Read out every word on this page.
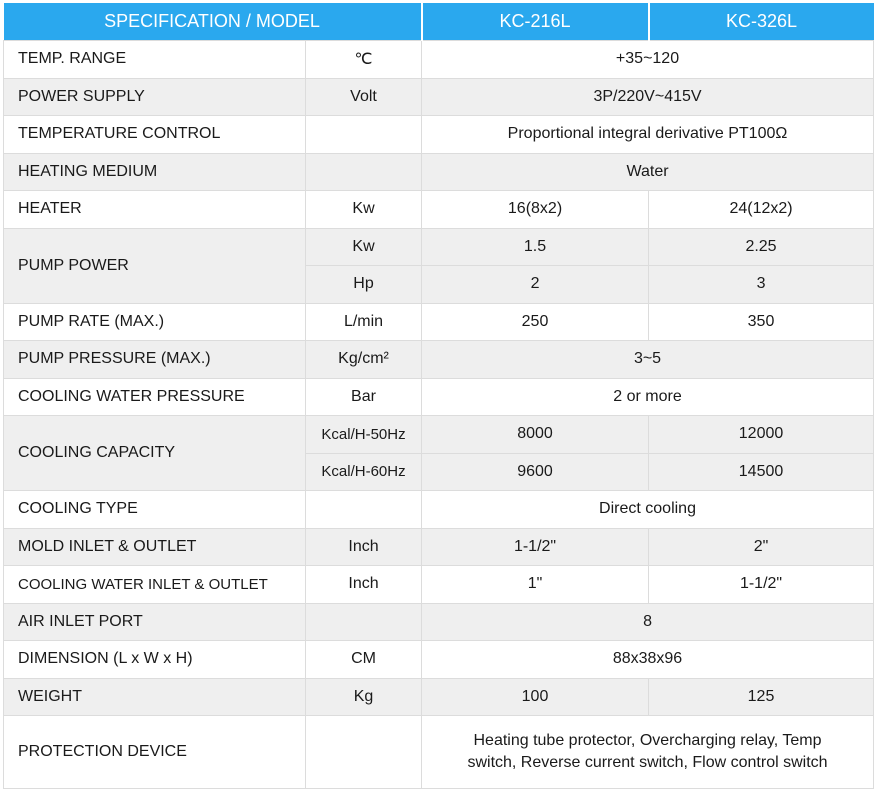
SPECIFICATION / MODEL		KC-216L	KC-326L
TEMP. RANGE	℃	+35~120	
POWER SUPPLY	Volt	3P/220V~415V	
TEMPERATURE CONTROL		Proportional integral derivative PT100Ω	
HEATING MEDIUM		Water	
HEATER	Kw	16(8x2)	24(12x2)
PUMP POWER	Kw	1.5	2.25
	Hp	2	3
PUMP RATE (MAX.)	L/min	250	350
PUMP PRESSURE (MAX.)	Kg/cm²	3~5	
COOLING WATER PRESSURE	Bar	2 or more	
COOLING CAPACITY	Kcal/H-50Hz	8000	12000
	Kcal/H-60Hz	9600	14500
COOLING TYPE		Direct cooling	
MOLD INLET & OUTLET	Inch	1-1/2"	2"
COOLING WATER INLET & OUTLET	Inch	1"	1-1/2"
AIR INLET PORT		8	
DIMENSION (L x W x H)	CM	88x38x96	
WEIGHT	Kg	100	125
PROTECTION DEVICE		Heating tube protector, Overcharging relay, Temp
switch, Reverse current switch, Flow control switch	
